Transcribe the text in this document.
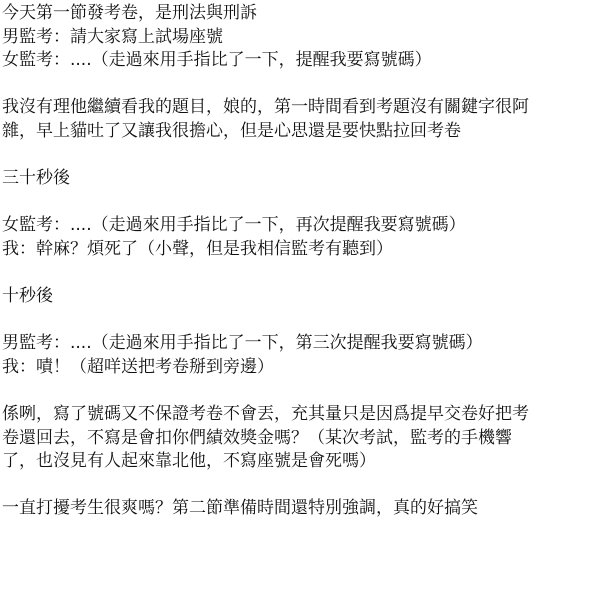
今天第一節發考卷，是刑法與刑訴
男監考：請大家寫上試場座號
女監考：....（走過來用手指比了一下，提醒我要寫號碼）
我沒有理他繼續看我的題目，娘的，第一時間看到考題沒有關鍵字很阿
雜，早上貓吐了又讓我很擔心，但是心思還是要快點拉回考卷
三十秒後
女監考：....（走過來用手指比了一下，再次提醒我要寫號碼）
我：幹麻？煩死了（小聲，但是我相信監考有聽到）
十秒後
男監考：....（走過來用手指比了一下，第三次提醒我要寫號碼）
我：嘖！（超咩送把考卷掰到旁邊）
係咧，寫了號碼又不保證考卷不會丟，充其量只是因爲提早交卷好把考
卷還回去，不寫是會扣你們績效獎金嗎？（某次考試，監考的手機響
了，也沒見有人起來靠北他，不寫座號是會死嗎）
一直打擾考生很爽嗎？第二節準備時間還特別強調，真的好搞笑
